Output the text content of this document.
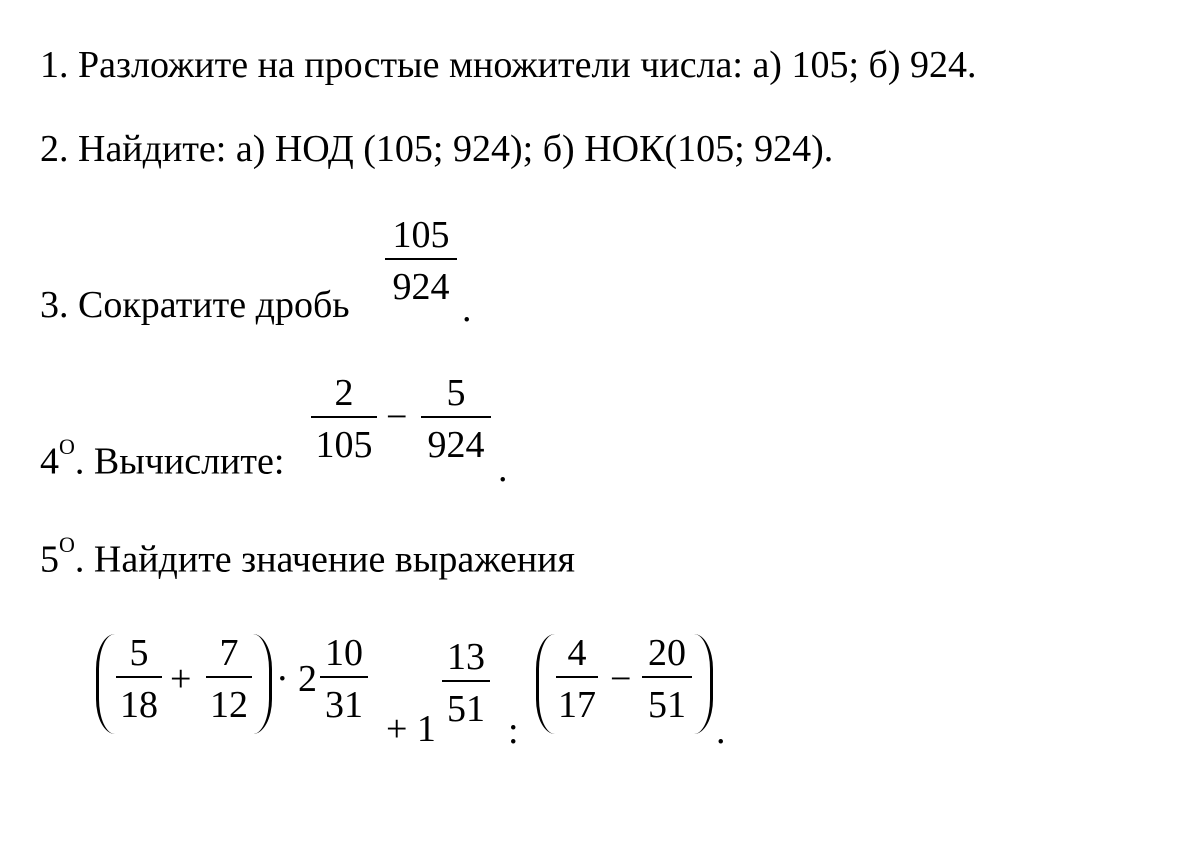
1. Разложите на простые множители числа: а) 105; б) 924.
2. Найдите: а) НОД (105; 924); б) НОК(105; 924).
3. Сократите дробь
105
924
.
$4^О$. Вычислите:
2
105
−
5
924
.
$5^О$. Найдите значение выражения
5
18
+
7
12
· 2
10
31
+ 1
13
51
:
4
17
−
20
51
.
